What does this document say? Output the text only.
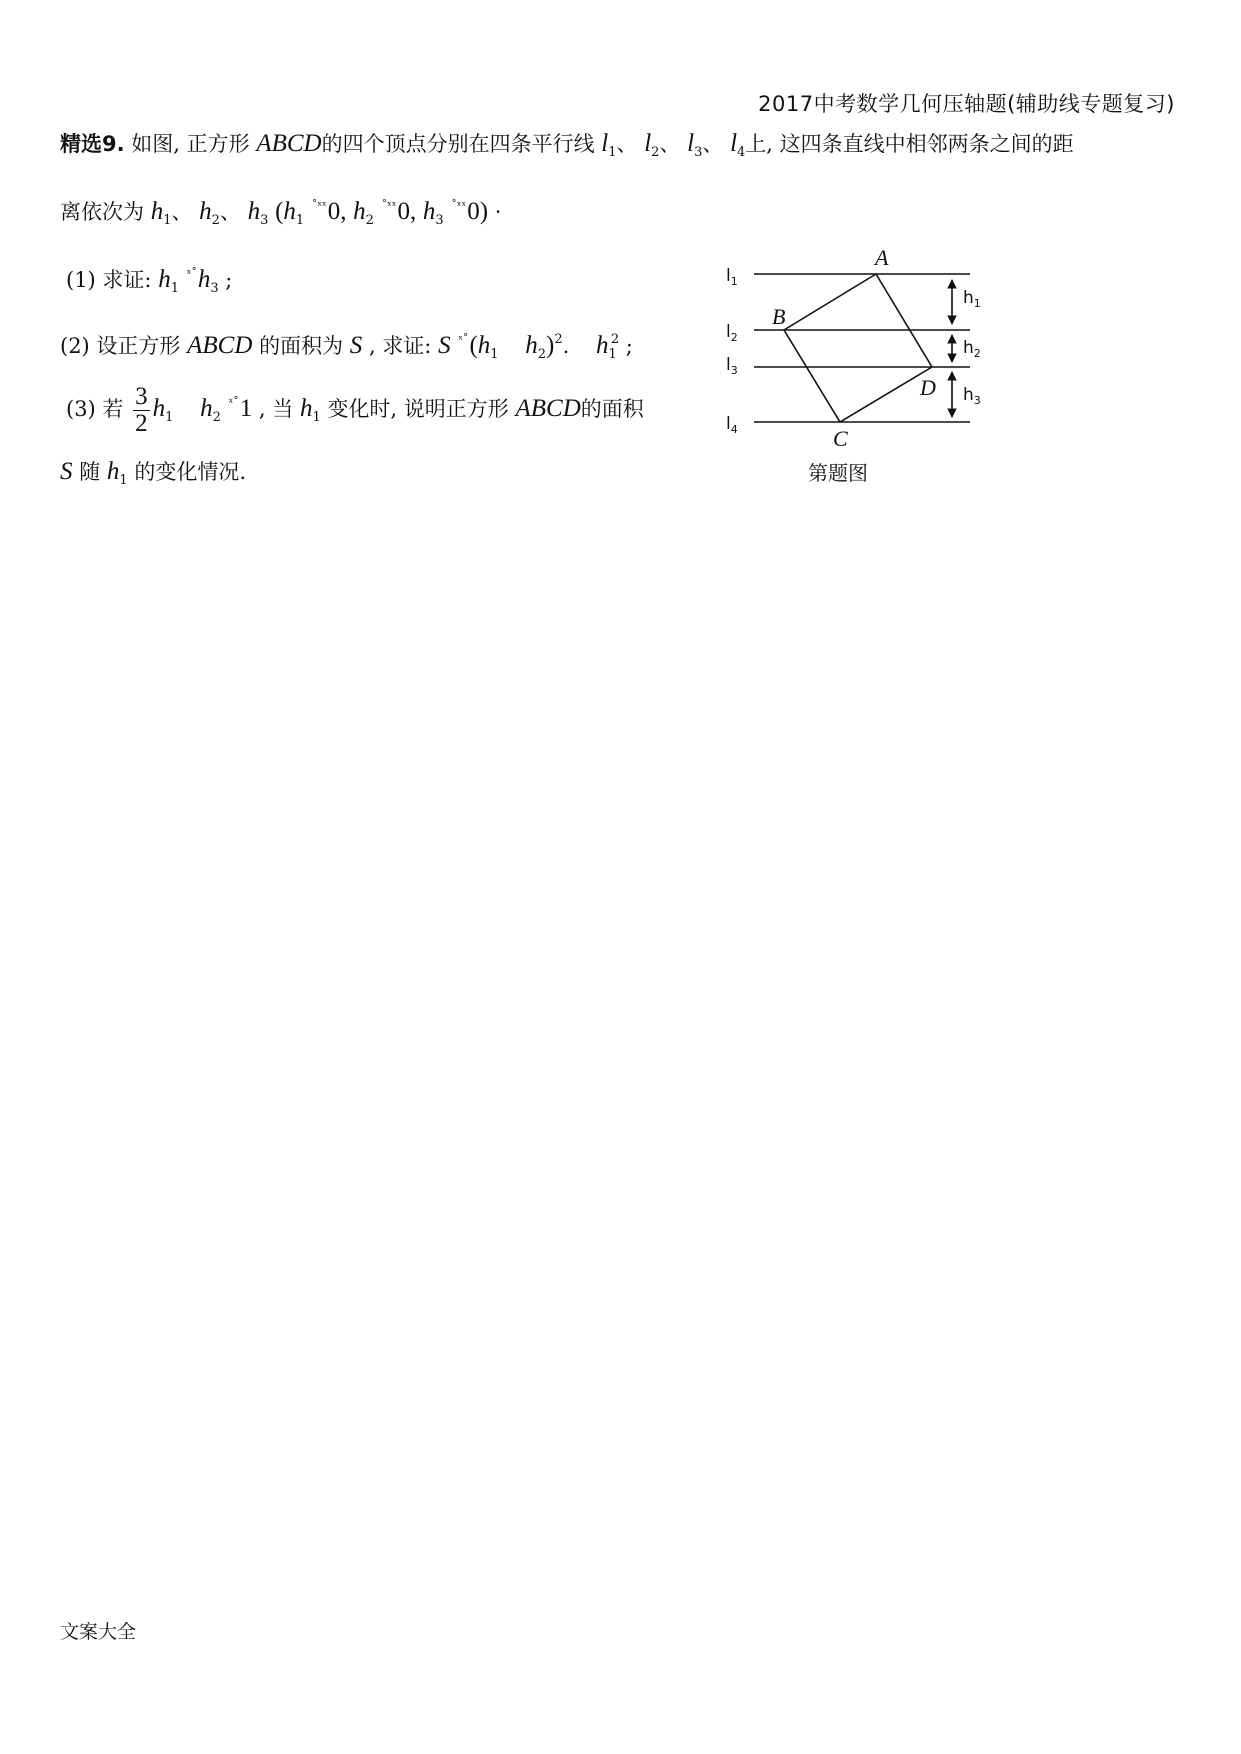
2017中考数学几何压轴题(辅助线专题复习)
精选9. 如图, 正方形 ABCD的四个顶点分别在四条平行线 $l_1$、 $l_2$、 $l_3$、 $l_4$上, 这四条直线中相邻两条之间的距
离依次为 $h_1$、 $h_2$、 $h_3$ ($h_1$ $^{˚ˣˣ}$0, $h_2$ $^{˚ˣˣ}$0, $h_3$ $^{˚ˣˣ}$0) ·
(1) 求证: $h_1$ $^{ˣ˚}h_3$ ;
(2) 设正方形 ABCD 的面积为 S , 求证: S $^{ˣ˚}(h_1$ $h_2)^2$. $h_1^2$ ;
(3) 若 $\frac{3}{2} h_1$ $h_2$ $^{ˣ˚}$1 , 当 $h_1$ 变化时, 说明正方形 ABCD的面积
S 随 $h_1$ 的变化情况.
$l_1$
$l_2$
$l_3$
$l_4$
A
B
C
D
$h_1$
$h_2$
$h_3$
第题图
文案大全
